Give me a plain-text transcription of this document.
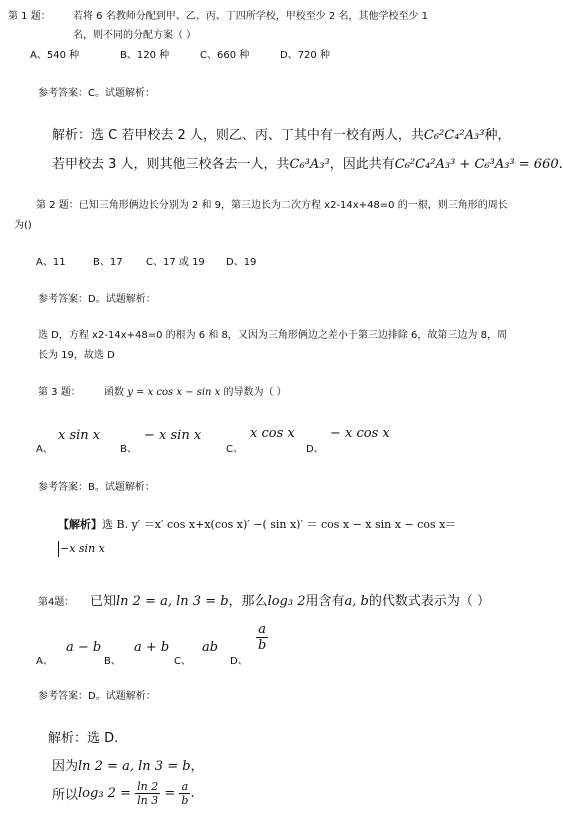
第 1 题： 若将 6 名教师分配到甲、乙、丙、丁四所学校，甲校至少 2 名，其他学校至少 1
名，则不同的分配方案（ ）
A、540 种	B、120 种	C、660 种	D、720 种
参考答案：C。试题解析：
解析：选 C 若甲校去 2 人，则乙、丙、丁其中有一校有两人，共C₆²C₄²A₃³种，
若甲校去 3 人，则其他三校各去一人，共C₆³A₃³，因此共有C₆²C₄²A₃³ + C₆³A₃³ = 660.
第 2 题：已知三角形俩边长分别为 2 和 9，第三边长为二次方程 x2-14x+48=0 的一根，则三角形的周长
为()
A、11	B、17 C、17 或 19 D、19
参考答案：D。试题解析：
选 D，方程 x2-14x+48=0 的根为 6 和 8，又因为三角形俩边之差小于第三边排除 6，故第三边为 8，周
长为 19，故选 D
第 3 题： 函数 y = x cos x − sin x 的导数为（ ）
A、
x sin x
B、
− x sin x
C、
x cos x
D、
− x cos x
参考答案：B。试题解析：
【解析】选 B. y′ ＝x′ cos x+x(cos x)′ −( sin x)′ ＝ cos x − x sin x − cos x＝
−x sin x
第4题： 已知ln 2 = a, ln 3 = b，那么log₃ 2用含有a, b的代数式表示为（ ）
A、
a − b
B、
a + b
C、
ab
D、
$\frac{a}{b}$
参考答案：D。试题解析：
解析：选 D.
因为ln 2 = a, ln 3 = b，
所以log₃ $2 = \frac{\ln 2}{\ln 3} = \frac{a}{b}$ .
